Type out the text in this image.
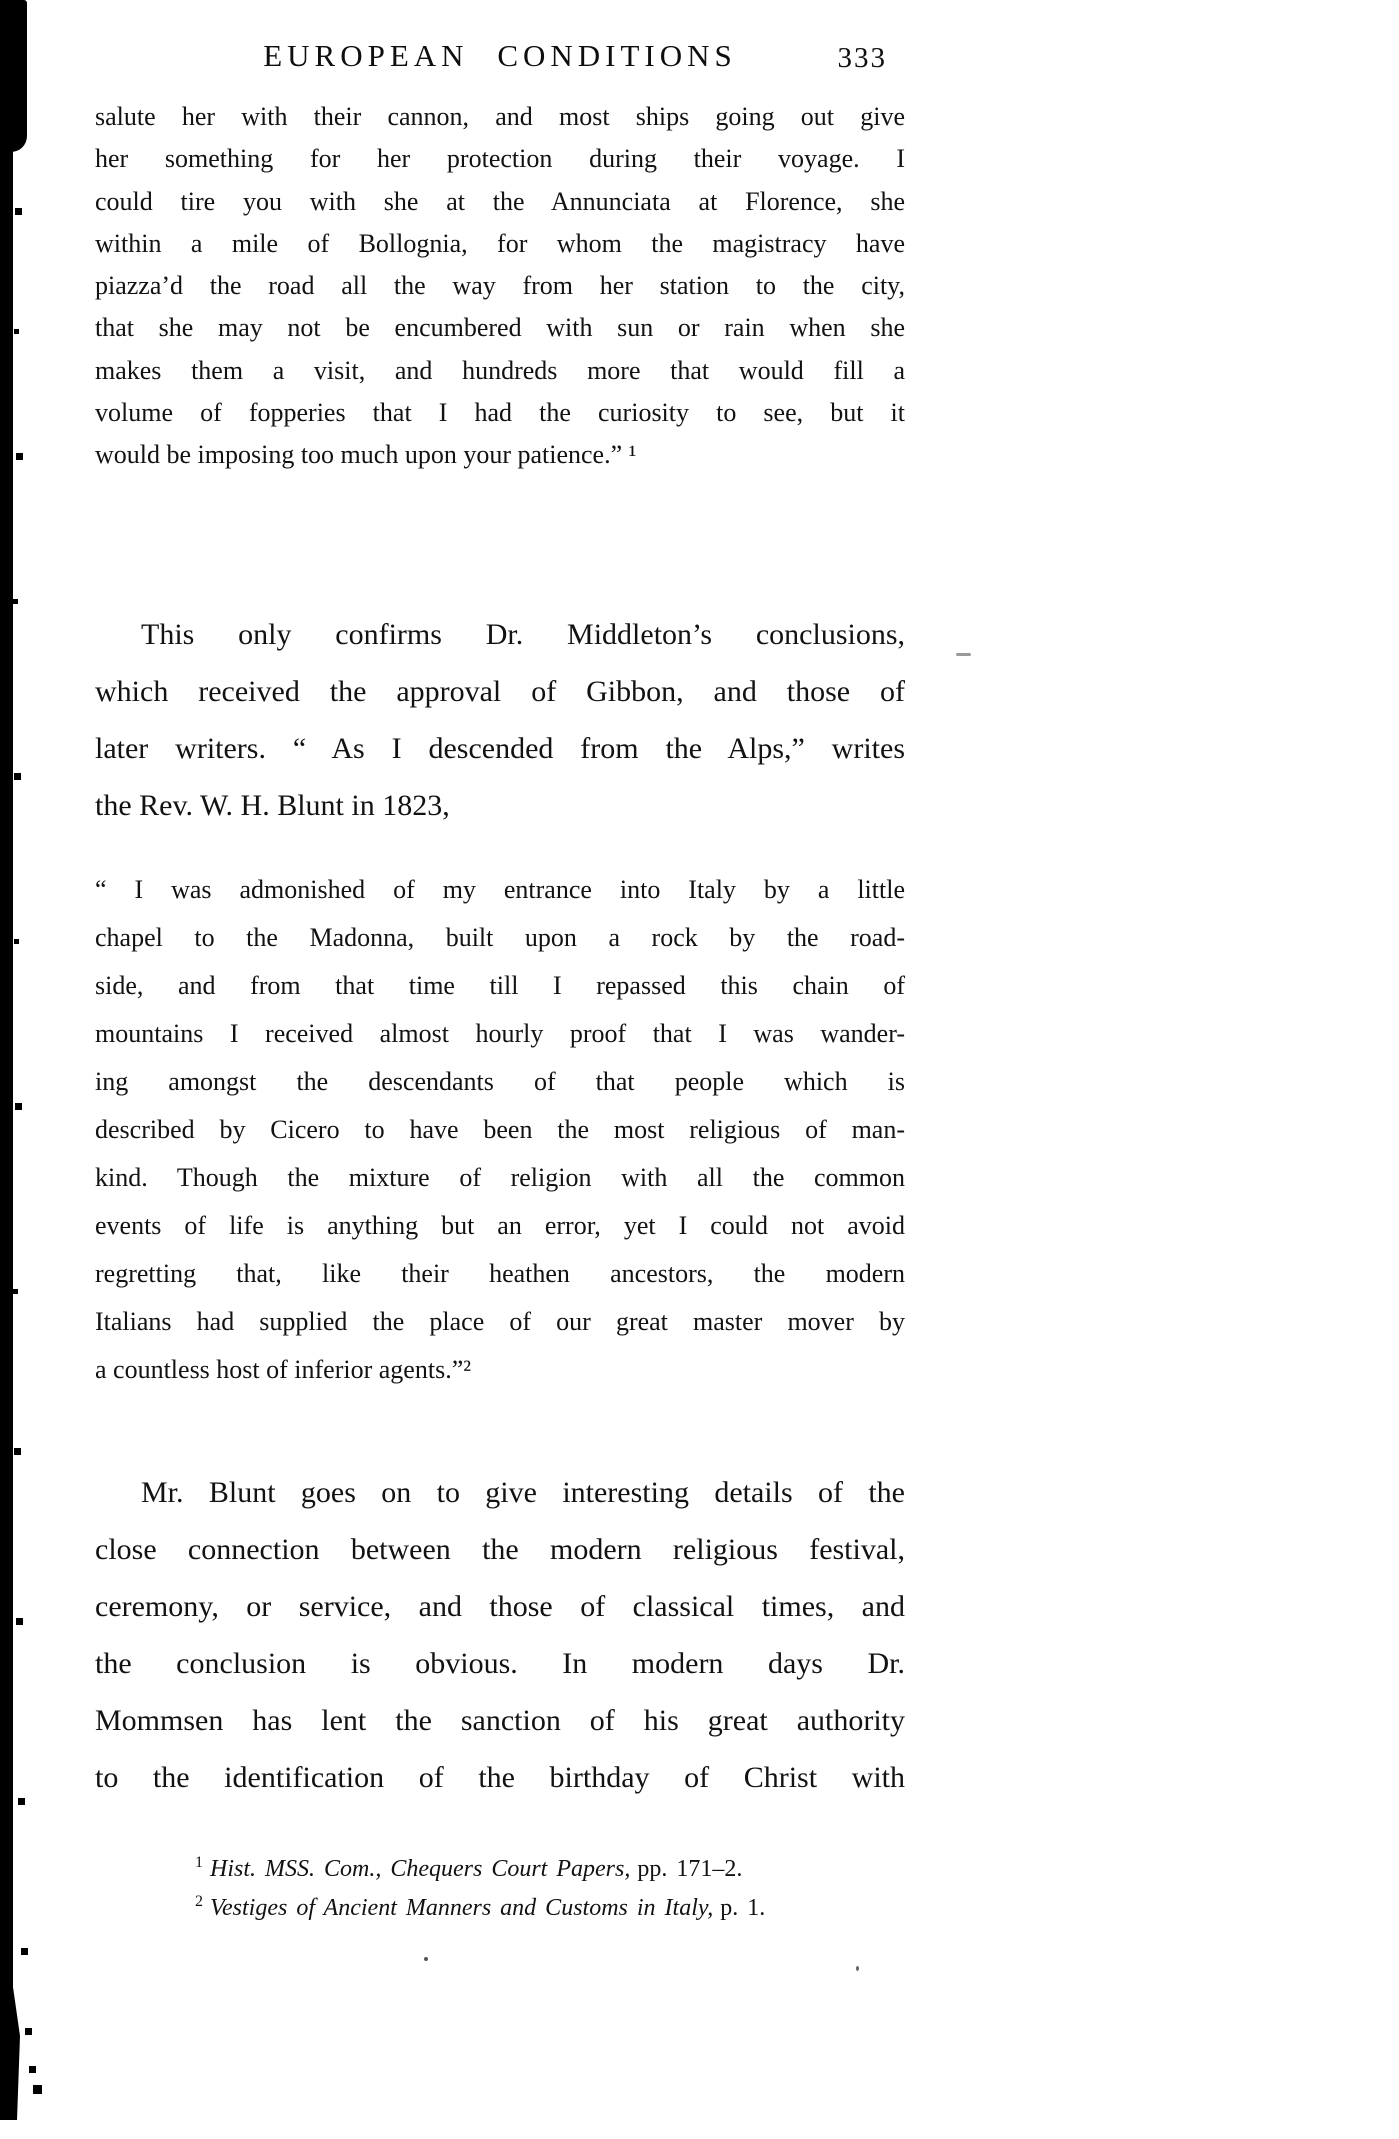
EUROPEAN CONDITIONS	333
salute her with their cannon, and most ships going out give
her something for her protection during their voyage. I
could tire you with she at the Annunciata at Florence, she
within a mile of Bollognia, for whom the magistracy have
piazza’d the road all the way from her station to the city,
that she may not be encumbered with sun or rain when she
makes them a visit, and hundreds more that would fill a
volume of fopperies that I had the curiosity to see, but it
would be imposing too much upon your patience.” ¹
This only confirms Dr. Middleton’s conclusions,
which received the approval of Gibbon, and those of
later writers. “ As I descended from the Alps,” writes
the Rev. W. H. Blunt in 1823,
“ I was admonished of my entrance into Italy by a little
chapel to the Madonna, built upon a rock by the road-
side, and from that time till I repassed this chain of
mountains I received almost hourly proof that I was wander-
ing amongst the descendants of that people which is
described by Cicero to have been the most religious of man-
kind. Though the mixture of religion with all the common
events of life is anything but an error, yet I could not avoid
regretting that, like their heathen ancestors, the modern
Italians had supplied the place of our great master mover by
a countless host of inferior agents.”²
Mr. Blunt goes on to give interesting details of the
close connection between the modern religious festival,
ceremony, or service, and those of classical times, and
the conclusion is obvious. In modern days Dr.
Mommsen has lent the sanction of his great authority
to the identification of the birthday of Christ with
$^1$ Hist. MSS. Com., Chequers Court Papers, pp. 171–2.
$^2$ Vestiges of Ancient Manners and Customs in Italy, p. 1.
